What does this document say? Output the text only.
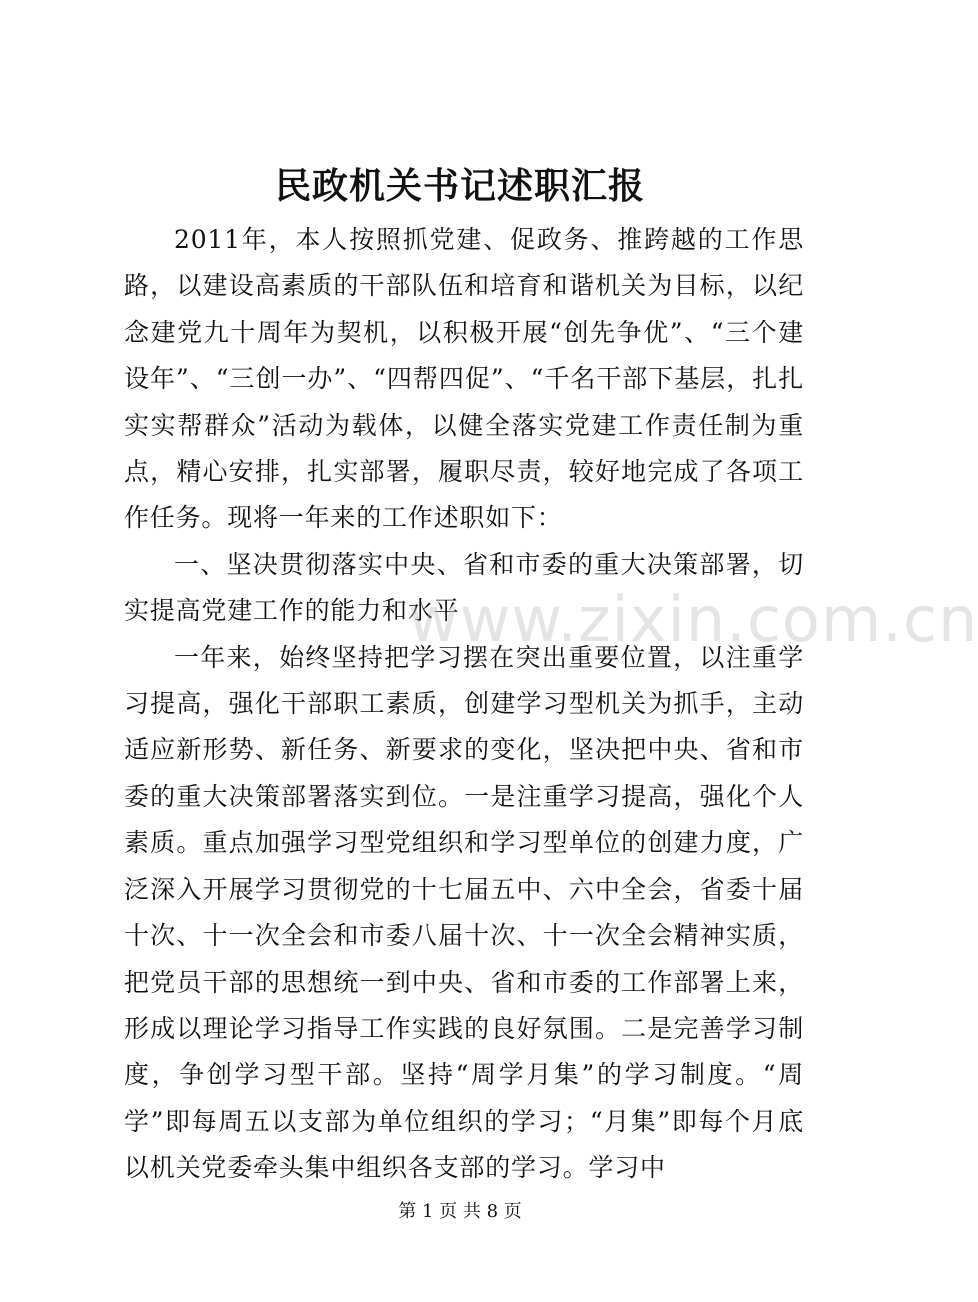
民政机关书记述职汇报

2011年，本人按照抓党建、促政务、推跨越的工作思路，以建设高素质的干部队伍和培育和谐机关为目标，以纪念建党九十周年为契机，以积极开展“创先争优”、“三个建设年”、“三创一办”、“四帮四促”、“千名干部下基层，扎扎实实帮群众”活动为载体，以健全落实党建工作责任制为重点，精心安排，扎实部署，履职尽责，较好地完成了各项工作任务。现将一年来的工作述职如下：

一、坚决贯彻落实中央、省和市委的重大决策部署，切实提高党建工作的能力和水平

一年来，始终坚持把学习摆在突出重要位置，以注重学习提高，强化干部职工素质，创建学习型机关为抓手，主动适应新形势、新任务、新要求的变化，坚决把中央、省和市委的重大决策部署落实到位。一是注重学习提高，强化个人素质。重点加强学习型党组织和学习型单位的创建力度，广泛深入开展学习贯彻党的十七届五中、六中全会，省委十届十次、十一次全会和市委八届十次、十一次全会精神实质，把党员干部的思想统一到中央、省和市委的工作部署上来，形成以理论学习指导工作实践的良好氛围。二是完善学习制度，争创学习型干部。坚持“周学月集”的学习制度。“周学”即每周五以支部为单位组织的学习；“月集”即每个月底以机关党委牵头集中组织各支部的学习。学习中

www.zixin.com.cn
第 1 页 共 8 页
